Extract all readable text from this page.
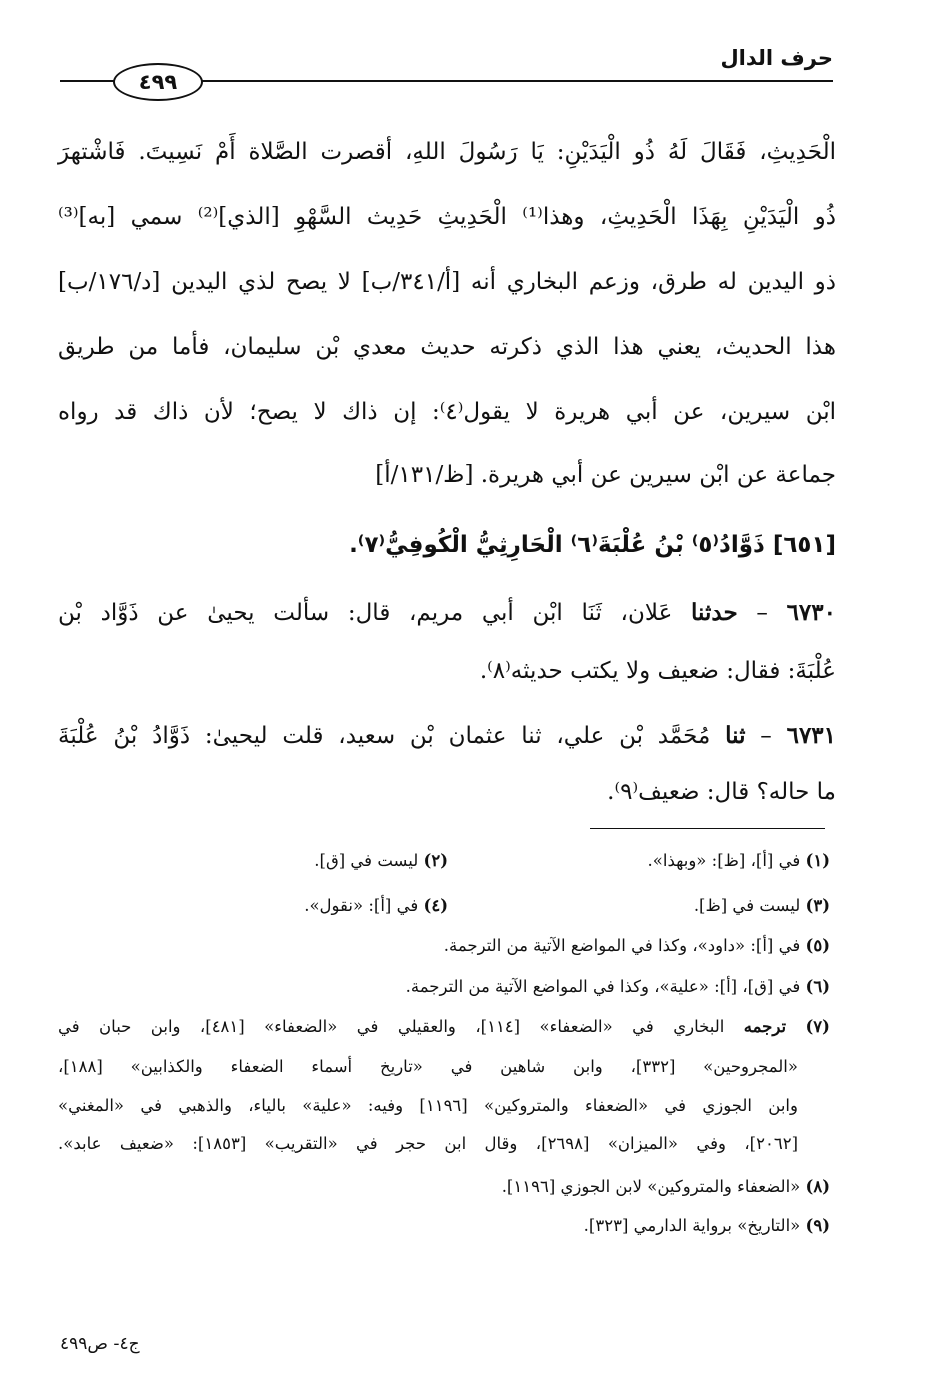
حرف الدال
٤٩٩
الْحَدِيثِ، فَقَالَ لَهُ ذُو الْيَدَيْنِ: يَا رَسُولَ اللهِ، أقصرت الصَّلاة أَمْ نَسِيتَ. فَاشْتهرَ
ذُو الْيَدَيْنِ بِهَذَا الْحَدِيثِ، وهذا⁽¹⁾ الْحَدِيثِ حَدِيث السَّهْوِ [الذي]⁽²⁾ سمي [به]⁽³⁾
ذو اليدين له طرق، وزعم البخاري أنه [أ/٣٤١/ب] لا يصح لذي اليدين [د/١٧٦/ب]
هذا الحديث، يعني هذا الذي ذكرته حديث معدي بْن سليمان، فأما من طريق
ابْن سيرين، عن أبي هريرة لا يقول⁽٤⁾: إن ذاك لا يصح؛ لأن ذاك قد رواه
جماعة عن ابْن سيرين عن أبي هريرة. [ظ/١٣١/أ]
[٦٥١] ذَوَّادُ⁽٥⁾ بْنُ عُلْبَةَ⁽٦⁾ الْحَارِثِيُّ الْكُوفِيُّ⁽٧⁾.
٦٧٣٠ – حدثنا عَلان، ثَنَا ابْن أبي مريم، قال: سألت يحيىٰ عن ذَوَّاد بْن
عُلْبَةَ: فقال: ضعيف ولا يكتب حديثه⁽٨⁾.
٦٧٣١ – ثنا مُحَمَّد بْن علي، ثنا عثمان بْن سعيد، قلت ليحيىٰ: ذَوَّادُ بْنُ عُلْبَةَ
ما حاله؟ قال: ضعيف⁽٩⁾.
(١) في [أ]، [ظ]: «وبهذا».
(٢) ليست في [ق].
(٣) ليست في [ظ].
(٤) في [أ]: «نقول».
(٥) في [أ]: «داود»، وكذا في المواضع الآتية من الترجمة.
(٦) في [ق]، [أ]: «علية»، وكذا في المواضع الآتية من الترجمة.
(٧) ترجمه البخاري في «الضعفاء» [١١٤]، والعقيلي في «الضعفاء» [٤٨١]، وابن حبان في
«المجروحين» [٣٣٢]، وابن شاهين في «تاريخ أسماء الضعفاء والكذابين» [١٨٨]،
وابن الجوزي في «الضعفاء والمتروكين» [١١٩٦] وفيه: «علية» بالياء، والذهبي في «المغني»
[٢٠٦٢]، وفي «الميزان» [٢٦٩٨]، وقال ابن حجر في «التقريب» [١٨٥٣]: «ضعيف عابد».
(٨) «الضعفاء والمتروكين» لابن الجوزي [١١٩٦].
(٩) «التاريخ» برواية الدارمي [٣٢٣].
ج٤- ص٤٩٩
